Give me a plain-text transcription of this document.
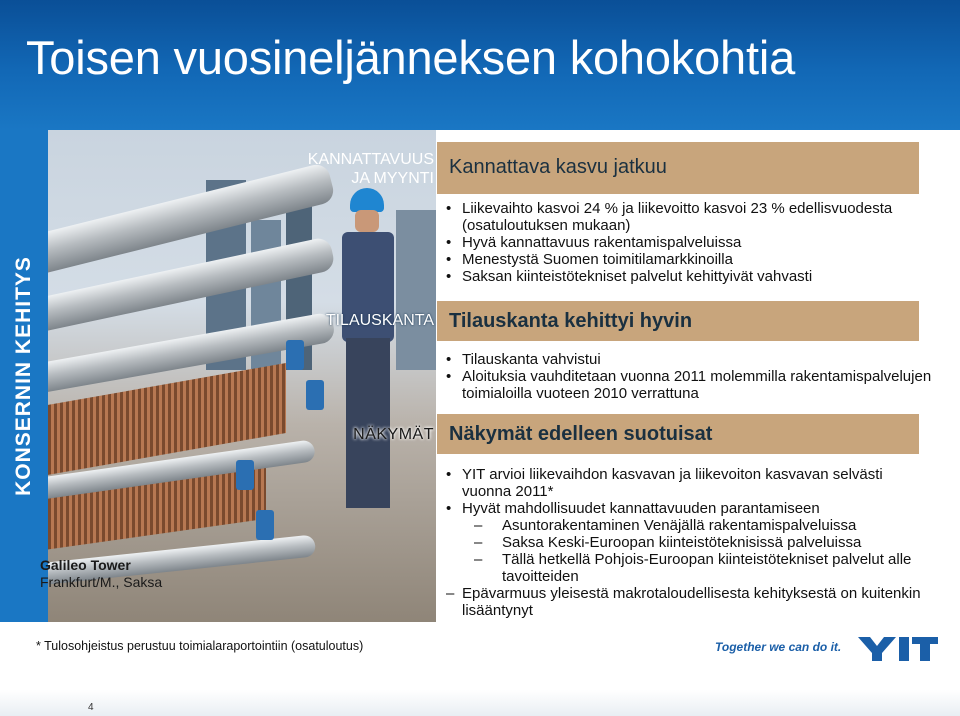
Toisen vuosineljänneksen kohokohtia
KONSERNIN KEHITYS
Galileo Tower
Frankfurt/M., Saksa
KANNATTAVUUS
JA MYYNTI
TILAUSKANTA
NÄKYMÄT
Kannattava kasvu jatkuu
• Liikevaihto kasvoi 24 % ja liikevoitto kasvoi 23 % edellisvuodesta (osatuloutuksen mukaan)
• Hyvä kannattavuus rakentamispalveluissa
• Menestystä Suomen toimitilamarkkinoilla
• Saksan kiinteistötekniset palvelut kehittyivät vahvasti
Tilauskanta kehittyi hyvin
• Tilauskanta vahvistui
• Aloituksia vauhditetaan vuonna 2011 molemmilla rakentamispalvelujen toimialoilla vuoteen 2010 verrattuna
Näkymät edelleen suotuisat
• YIT arvioi liikevaihdon kasvavan ja liikevoiton kasvavan selvästi vuonna 2011*
• Hyvät mahdollisuudet kannattavuuden parantamiseen
– Asuntorakentaminen Venäjällä rakentamispalveluissa
– Saksa Keski-Euroopan kiinteistöteknisissä palveluissa
– Tällä hetkellä Pohjois-Euroopan kiinteistötekniset palvelut alle tavoitteiden
– Epävarmuus yleisestä makrotaloudellisesta kehityksestä on kuitenkin lisääntynyt
* Tulosohjeistus perustuu toimialaraportointiin (osatuloutus)	Together we can do it.
4
